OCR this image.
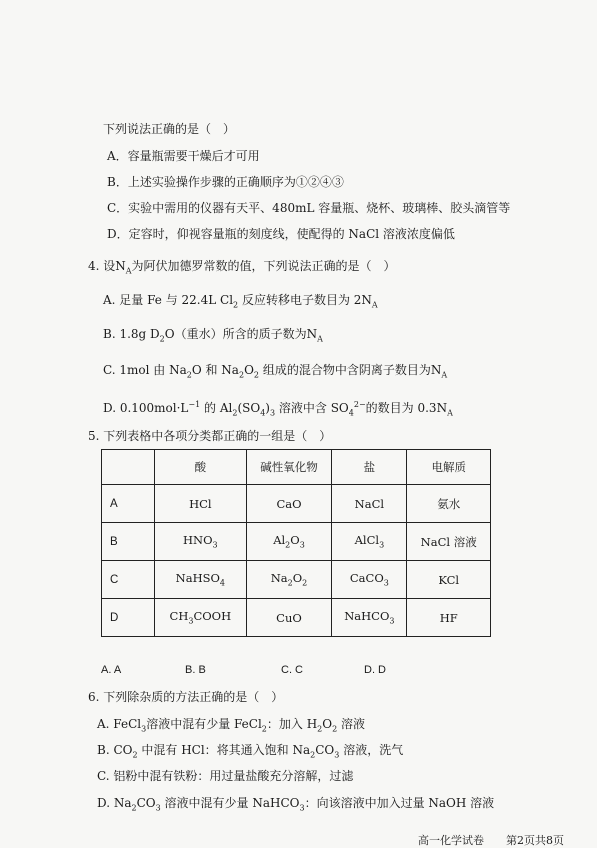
下列说法正确的是（　）
A．容量瓶需要干燥后才可用
B．上述实验操作步骤的正确顺序为①②④③
C．实验中需用的仪器有天平、480mL 容量瓶、烧杯、玻璃棒、胶头滴管等
D．定容时，仰视容量瓶的刻度线，使配得的 NaCl 溶液浓度偏低
4. 设$N_A$为阿伏加德罗常数的值，下列说法正确的是（　）
A. 足量 Fe 与 22.4L $Cl_2$ 反应转移电子数目为 $2N_A$
B. 1.8g $D_2O$（重水）所含的质子数为$N_A$
C. 1mol 由 $Na_2O$ 和 $Na_2O_2$ 组成的混合物中含阴离子数目为$N_A$
D. $0.100mol\cdot L^{-1}$ 的 $Al_2(SO_4)_3$ 溶液中含 $SO_4^{2-}$的数目为 $0.3N_A$
5. 下列表格中各项分类都正确的一组是（　）
	酸	碱性氧化物	盐	电解质
A	HCl	CaO	NaCl	氨水
B	$HNO_3$	$Al_2O_3$	AlCl$_3$	NaCl 溶液
C	NaHSO$_4$	$Na_2O_2$	CaCO$_3$	KCl
D	$CH_3COOH$	CuO	NaHCO$_3$	HF
A. A	B. B	C. C	D. D
6. 下列除杂质的方法正确的是（　）
A. FeCl$_3$溶液中混有少量 FeCl$_2$：加入 $H_2O_2$ 溶液
B. $CO_2$ 中混有 HCl：将其通入饱和 $Na_2CO_3$ 溶液，洗气
C. 铝粉中混有铁粉：用过量盐酸充分溶解，过滤
D. $Na_2CO_3$ 溶液中混有少量 NaHCO$_3$：向该溶液中加入过量 NaOH 溶液
高一化学试卷　　第2页共8页
